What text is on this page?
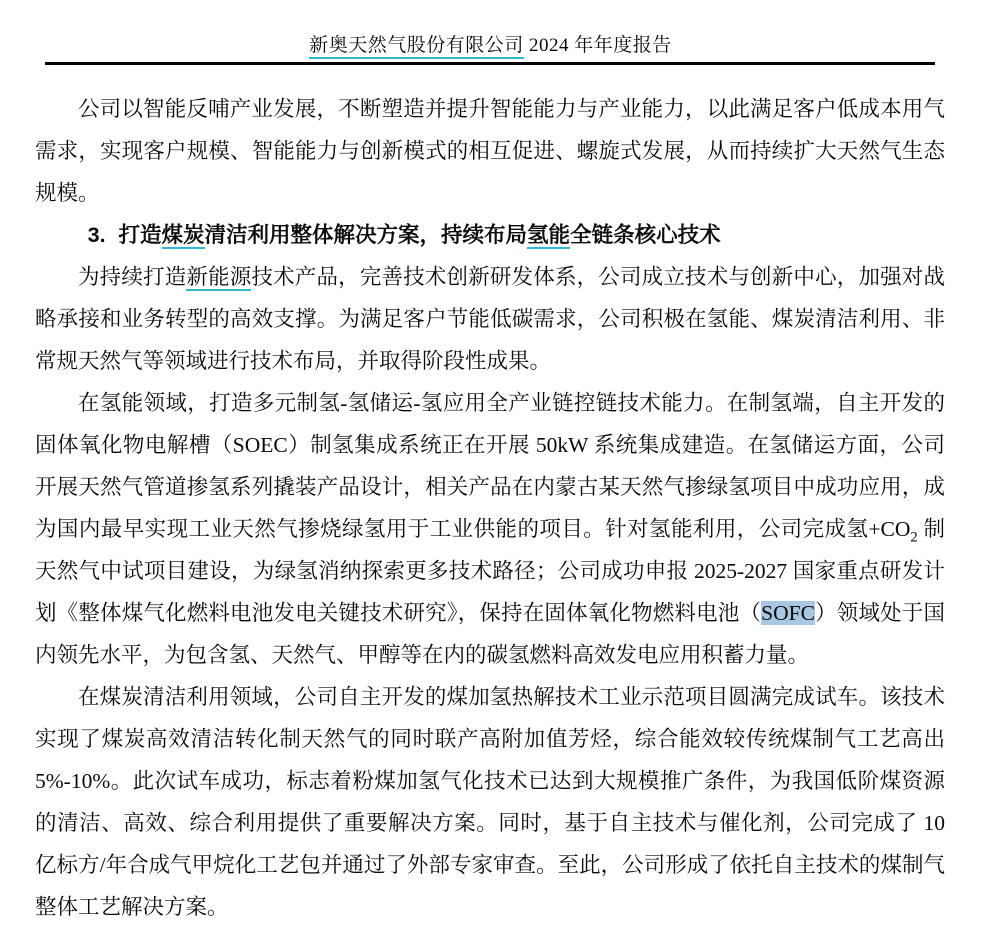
新奥天然气股份有限公司 2024 年年度报告

公司以智能反哺产业发展，不断塑造并提升智能能力与产业能力，以此满足客户低成本用气需求，实现客户规模、智能能力与创新模式的相互促进、螺旋式发展，从而持续扩大天然气生态规模。

3. 打造煤炭清洁利用整体解决方案，持续布局氢能全链条核心技术

为持续打造新能源技术产品，完善技术创新研发体系，公司成立技术与创新中心，加强对战略承接和业务转型的高效支撑。为满足客户节能低碳需求，公司积极在氢能、煤炭清洁利用、非常规天然气等领域进行技术布局，并取得阶段性成果。

在氢能领域，打造多元制氢-氢储运-氢应用全产业链控链技术能力。在制氢端，自主开发的固体氧化物电解槽（SOEC）制氢集成系统正在开展 50kW 系统集成建造。在氢储运方面，公司开展天然气管道掺氢系列撬装产品设计，相关产品在内蒙古某天然气掺绿氢项目中成功应用，成为国内最早实现工业天然气掺烧绿氢用于工业供能的项目。针对氢能利用，公司完成氢$+CO_2$ 制天然气中试项目建设，为绿氢消纳探索更多技术路径；公司成功申报 2025-2027 国家重点研发计划《整体煤气化燃料电池发电关键技术研究》，保持在固体氧化物燃料电池（SOFC）领域处于国内领先水平，为包含氢、天然气、甲醇等在内的碳氢燃料高效发电应用积蓄力量。

在煤炭清洁利用领域，公司自主开发的煤加氢热解技术工业示范项目圆满完成试车。该技术实现了煤炭高效清洁转化制天然气的同时联产高附加值芳烃，综合能效较传统煤制气工艺高出5%-10%。此次试车成功，标志着粉煤加氢气化技术已达到大规模推广条件，为我国低阶煤资源的清洁、高效、综合利用提供了重要解决方案。同时，基于自主技术与催化剂，公司完成了 10 亿标方/年合成气甲烷化工艺包并通过了外部专家审查。至此，公司形成了依托自主技术的煤制气整体工艺解决方案。
